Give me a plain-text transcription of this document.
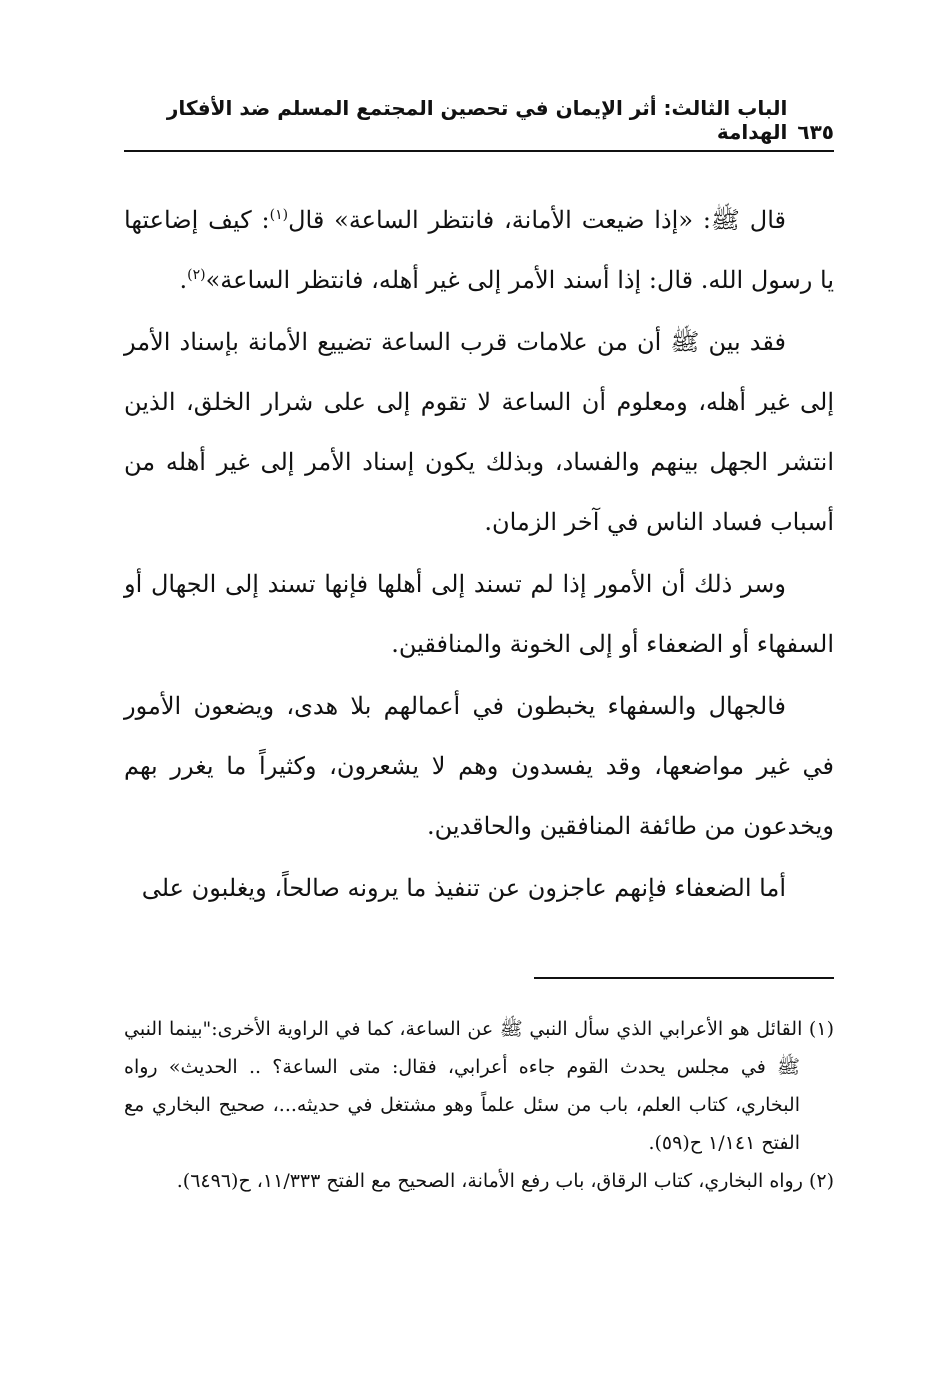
٦٣٥
الباب الثالث: أثر الإيمان في تحصين المجتمع المسلم ضد الأفكار الهدامة

قال ﷺ: «إذا ضيعت الأمانة، فانتظر الساعة» قال$^{(١)}$: كيف إضاعتها يا رسول الله. قال: إذا أسند الأمر إلى غير أهله، فانتظر الساعة»$^{(٢)}$.

فقد بين ﷺ أن من علامات قرب الساعة تضييع الأمانة بإسناد الأمر إلى غير أهله، ومعلوم أن الساعة لا تقوم إلى على شرار الخلق، الذين انتشر الجهل بينهم والفساد، وبذلك يكون إسناد الأمر إلى غير أهله من أسباب فساد الناس في آخر الزمان.

وسر ذلك أن الأمور إذا لم تسند إلى أهلها فإنها تسند إلى الجهال أو السفهاء أو الضعفاء أو إلى الخونة والمنافقين.

فالجهال والسفهاء يخبطون في أعمالهم بلا هدى، ويضعون الأمور في غير مواضعها، وقد يفسدون وهم لا يشعرون، وكثيراً ما يغرر بهم ويخدعون من طائفة المنافقين والحاقدين.

أما الضعفاء فإنهم عاجزون عن تنفيذ ما يرونه صالحاً، ويغلبون على

(١) القائل هو الأعرابي الذي سأل النبي ﷺ عن الساعة، كما في الراوية الأخرى:"بينما النبي ﷺ في مجلس يحدث القوم جاءه أعرابي، فقال: متى الساعة؟ .. الحديث» رواه البخاري، كتاب العلم، باب من سئل علماً وهو مشتغل في حديثه...، صحيح البخاري مع الفتح ١/١٤١ ح(٥٩).

(٢) رواه البخاري، كتاب الرقاق، باب رفع الأمانة، الصحيح مع الفتح ١١/٣٣٣، ح(٦٤٩٦).
